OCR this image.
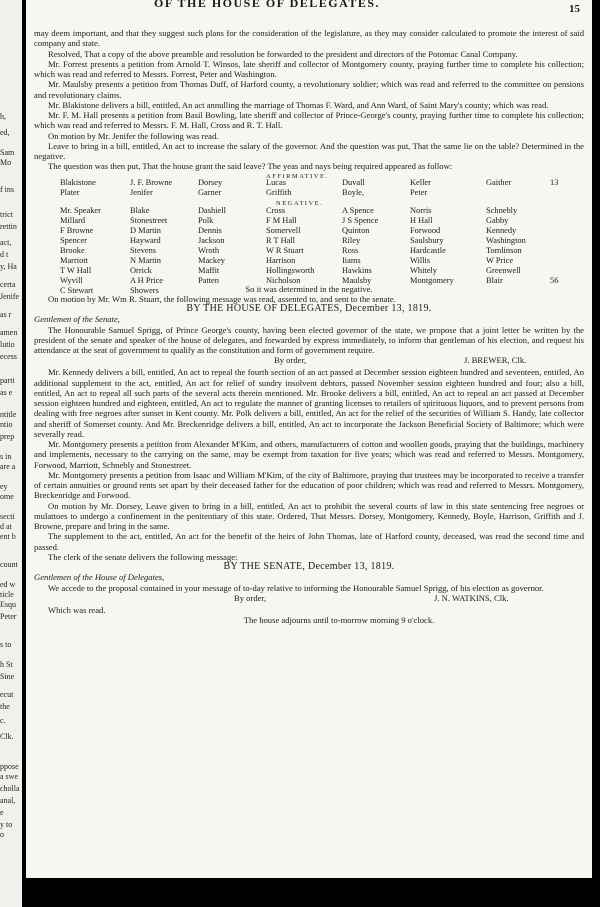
h,
ed,
Sam
Mo
f ins
trict
rettin
act,
d t
y, Ha
certa
Jenife
as r
amen
lutio
ecess
parti
as e
ntitle
ntio
prep
s in
are a
ey
ome
secti
d at
ent b
count
ed w
ticle
Esqu
Peter
s to
h St
Sine
ecut
the
c.
Clk.
ppose
a swe
cholla
anal,
e
y to
o
OF THE HOUSE OF DELEGATES.	15

may deem important, and that they suggest such plans for the consideration of the legislature, as they may consider calculated to promote the interest of said company and state.

Resolved, That a copy of the above preamble and resolution be forwarded to the president and directors of the Potomac Canal Company.

Mr. Forrest presents a petition from Arnold T. Winsos, late sheriff and collector of Montgomery county, praying further time to complete his collection; which was read and referred to Messrs. Forrest, Peter and Washington.

Mr. Maulsby presents a petition from Thomas Duff, of Harford county, a revolutionary soldier; which was read and referred to the committee on pensions and revolutionary claims.

Mr. Blakistone delivers a bill, entitled, An act annulling the marriage of Thomas F. Ward, and Ann Ward, of Saint Mary's county; which was read.

Mr. F. M. Hall presents a petition from Basil Bowling, late sheriff and collector of Prince-George's county, praying further time to complete his collection; which was read and referred to Messrs. F. M. Hall, Cross and R. T. Hall.

On motion by Mr. Jenifer the following was read.

Leave to bring in a bill, entitled, An act to increase the salary of the governor. And the question was put, That the same lie on the table? Determined in the negative.

The question was then put, That the house grant the said leave? The yeas and nays being required appeared as follow:

AFFIRMATIVE.
Blakistone	J. F. Browne	Dorsey	Lucas	Duvall	Keller	Gaither	13
Plater	Jenifer	Garner	Griffith	Boyle,	Peter
NEGATIVE.
Mr. Speaker	Blake	Dashiell	Cross	A Spence	Norris	Schnebly
Millard	Stonestreet	Polk	F M Hall	J S Spence	H Hall	Gabby
F Browne	D Martin	Dennis	Somervell	Quinton	Forwood	Kennedy
Spencer	Hayward	Jackson	R T Hall	Riley	Saulsbury	Washington
Brooke	Stevens	Wroth	W R Stuart	Ross	Hardcastle	Tomlinson
Marriott	N Martin	Mackey	Harrison	Iiams	Willis	W Price
T W Hall	Orrick	Maffit	Hollingsworth	Hawkins	Whitely	Greenwell
Wyvill	A H Price	Patten	Nicholson	Maulsby	Montgomery	Blair	56
C Stewart	Showers	So it was determined in the negative.

On motion by Mr. Wm R. Stuart, the following message was read, assented to, and sent to the senate.

BY THE HOUSE OF DELEGATES, December 13, 1819.

Gentlemen of the Senate,

The Honourable Samuel Sprigg, of Prince George's county, having been elected governor of the state, we propose that a joint letter be written by the president of the senate and speaker of the house of delegates, and forwarded by express immediately, to inform that gentleman of his election, and request his attendance at the seat of government to qualify as the constitution and form of government require.

By order,	J. BREWER, Clk.

Mr. Kennedy delivers a bill, entitled, An act to repeal the fourth section of an act passed at December session eighteen hundred and seventeen, entitled, An additional supplement to the act, entitled, An act for relief of sundry insolvent debtors, passed November session eighteen hundred and four; also a bill, entitled, An act to repeal all such parts of the several acts therein mentioned. Mr. Brooke delivers a bill, entitled, An act to repeal an act passed at December session eighteen hundred and eighteen, entitled, An act to regulate the manner of granting licenses to retailers of spirituous liquors, and to prevent persons from dealing with free negroes after sunset in Kent county. Mr. Polk delivers a bill, entitled, An act for the relief of the securities of William S. Handy, late collector and sheriff of Somerset county. And Mr. Breckenridge delivers a bill, entitled, An act to incorporate the Jackson Beneficial Society of Baltimore; which were severally read.

Mr. Montgomery presents a petition from Alexander M'Kim, and others, manufacturers of cotton and woollen goods, praying that the buildings, machinery and implements, necessary to the carrying on the same, may be exempt from taxation for five years; which was read and referred to Messrs. Montgomery, Forwood, Marriott, Schnebly and Stonestreet.

Mr. Montgomery presents a petition from Isaac and William M'Kim, of the city of Baltimore, praying that trustees may be incorporated to receive a transfer of certain annuities or ground rents set apart by their deceased father for the education of poor children; which was read and referred to Messrs. Montgomery, Breckenridge and Forwood.

On motion by Mr. Dorsey, Leave given to bring in a bill, entitled, An act to prohibit the several courts of law in this state sentencing free negroes or mulattoes to undergo a confinement in the penitentiary of this state. Ordered, That Messrs. Dorsey, Montgomery, Kennedy, Boyle, Harrison, Griffith and J. Browne, prepare and bring in the same.

The supplement to the act, entitled, An act for the benefit of the heirs of John Thomas, late of Harford county, deceased, was read the second time and passed.

The clerk of the senate delivers the following message:

BY THE SENATE, December 13, 1819.

Gentlemen of the House of Delegates,

We accede to the proposal contained in your message of to-day relative to informing the Honourable Samuel Sprigg, of his election as governor.

By order,	J. N. WATKINS, Clk.

Which was read.

The house adjourns until to-morrow morning 9 o'clock.
